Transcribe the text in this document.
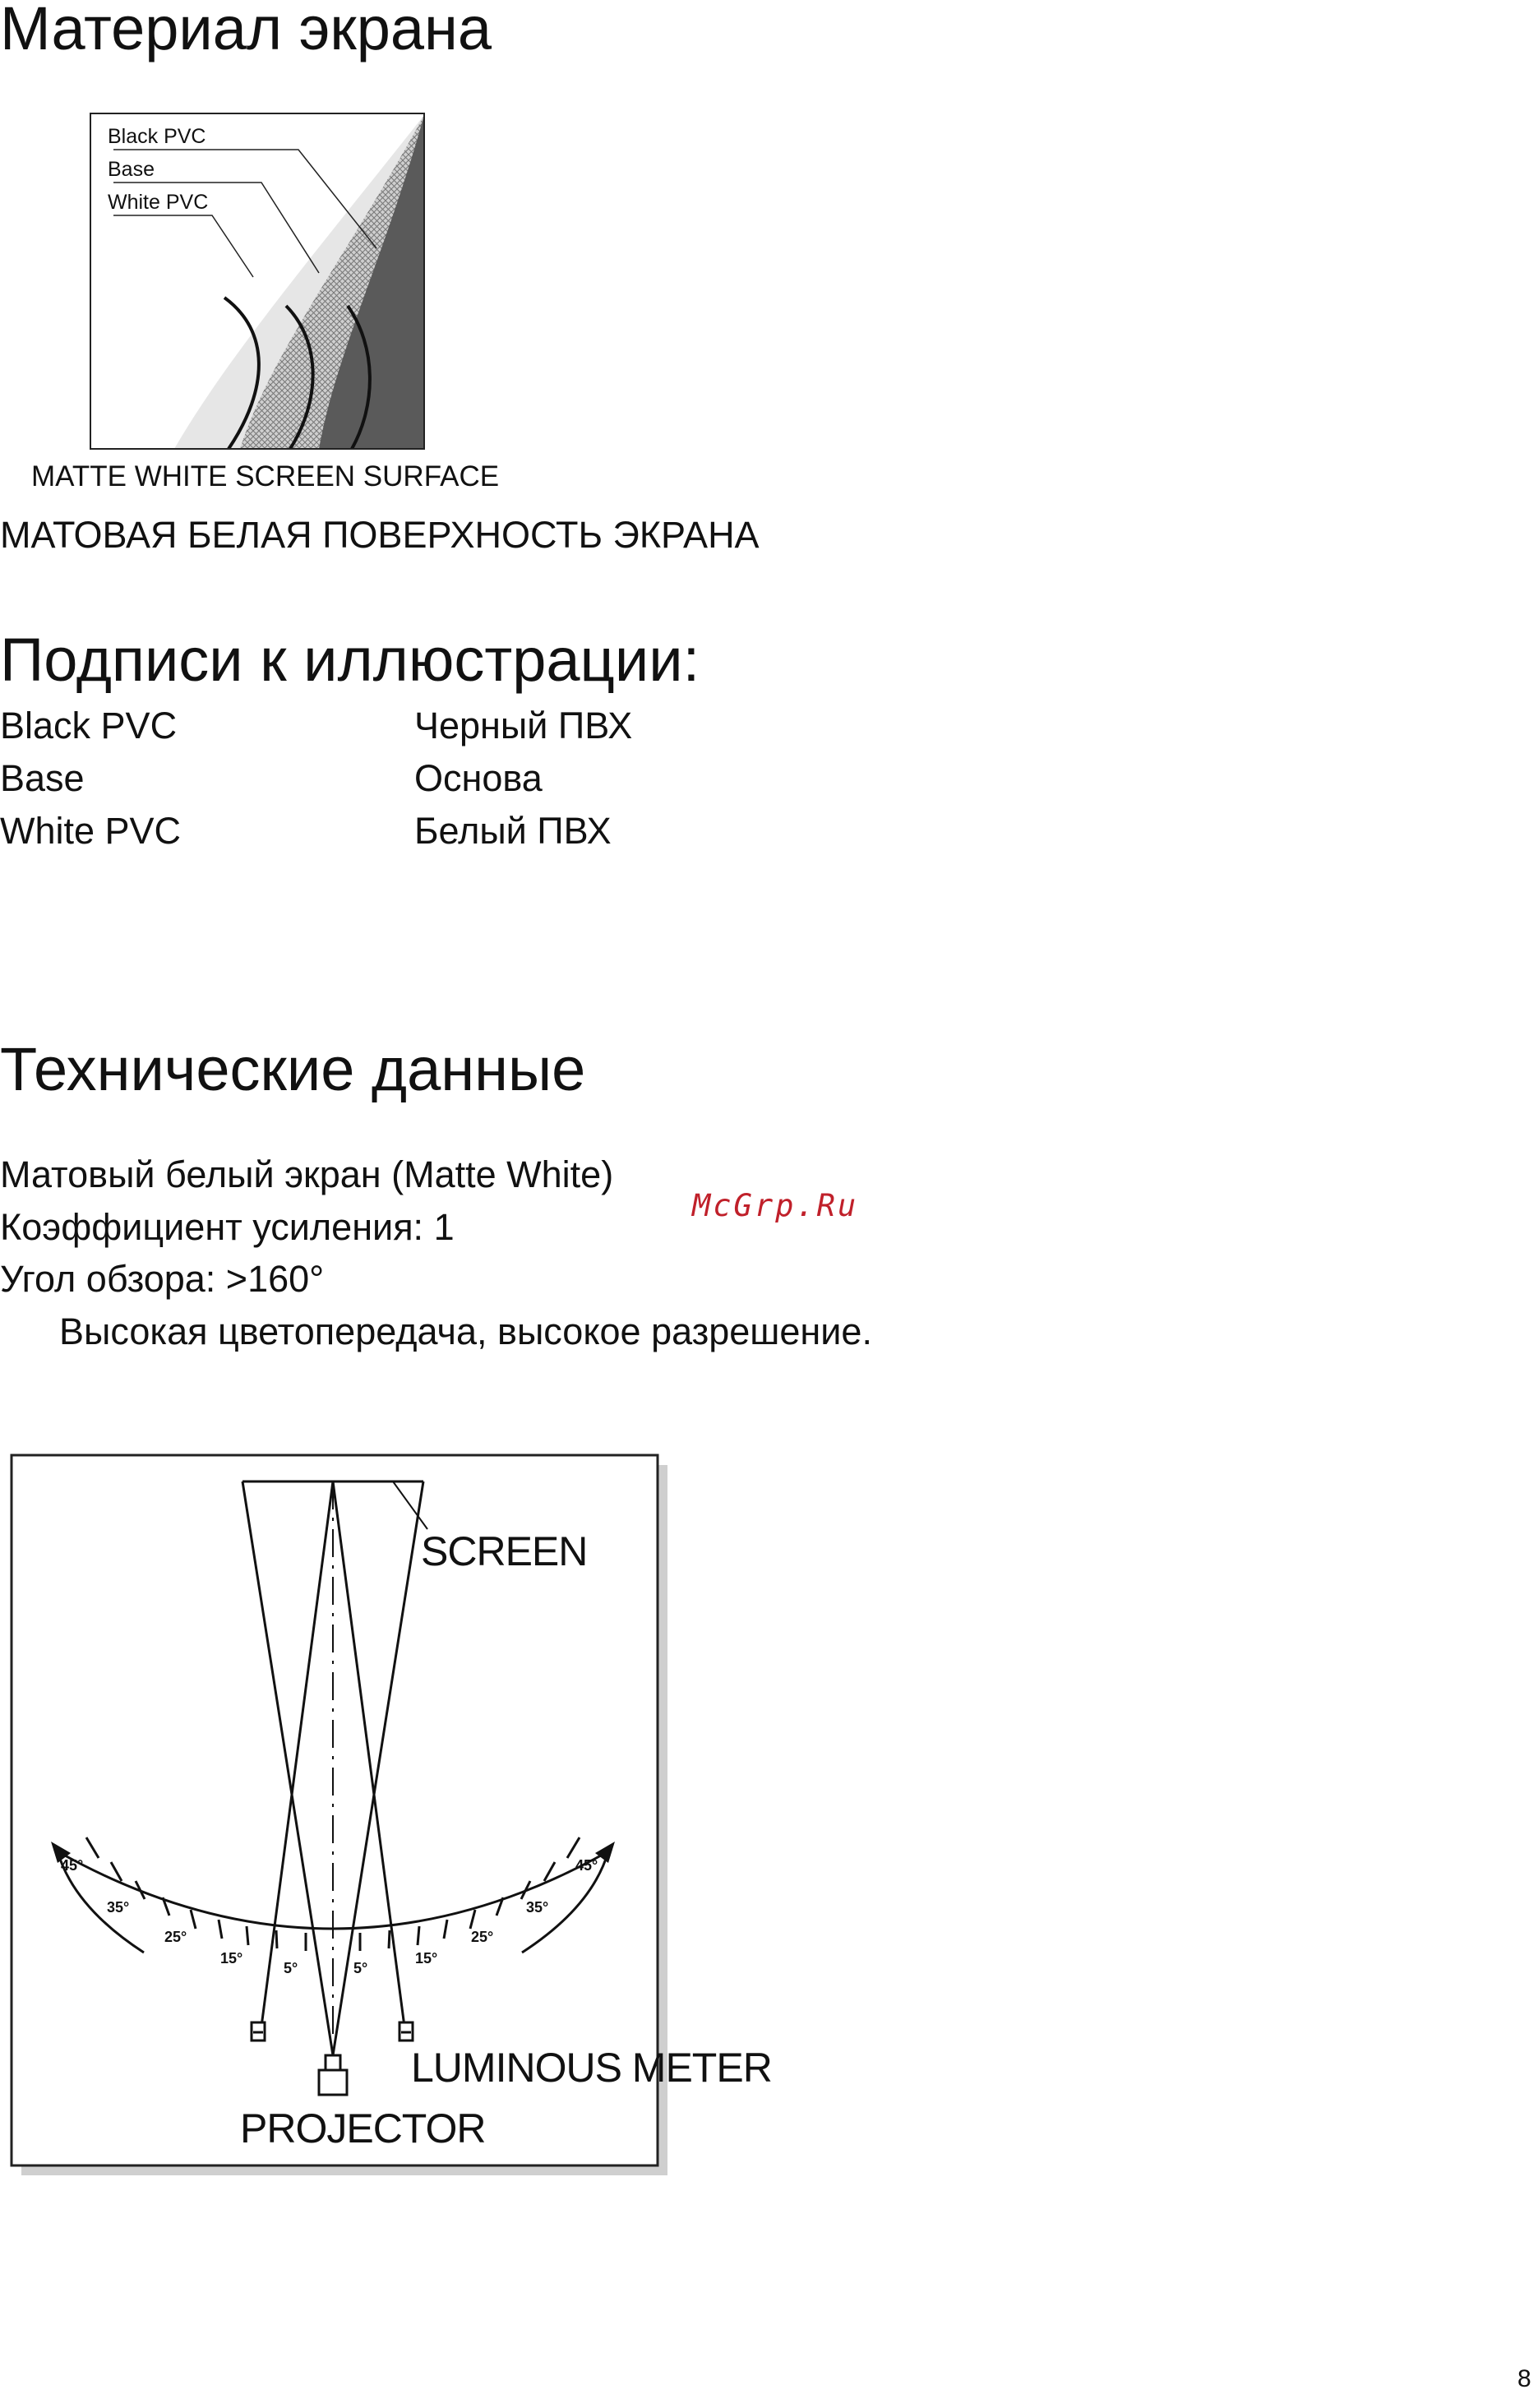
Материал экрана
Black PVC
Base
White PVC
MATTE WHITE SCREEN SURFACE
МАТОВАЯ БЕЛАЯ ПОВЕРХНОСТЬ ЭКРАНА
Подписи к иллюстрации:
Black PVC	Черный ПВХ
Base	Основа
White PVC	Белый ПВХ
Технические данные
Матовый белый экран (Matte White)
Коэффициент усиления: 1
Угол обзора: >160°
Высокая цветопередача, высокое разрешение.
McGrp.Ru
45°
35°
25°
15°
5°	5°
15°
25°
35°
45°
SCREEN
LUMINOUS METER
PROJECTOR
8
